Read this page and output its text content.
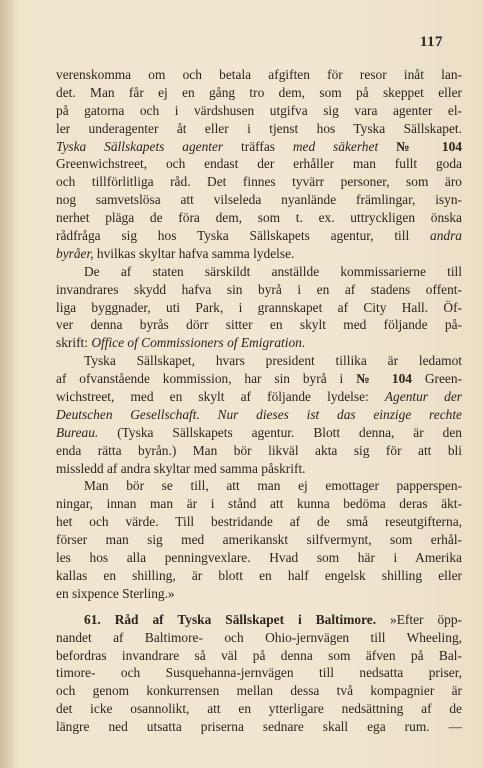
117
verenskomma om och betala afgiften för resor inåt lan-
det. Man får ej en gång tro dem, som på skeppet eller
på gatorna och i värdshusen utgifva sig vara agenter el-
ler underagenter åt eller i tjenst hos Tyska Sällskapet.
Tyska Sällskapets agenter träffas med säkerhet № 104
Greenwichstreet, och endast der erhåller man fullt goda
och tillförlitliga råd. Det finnes tyvärr personer, som äro
nog samvetslösa att vilseleda nyanlände främlingar, isyn-
nerhet pläga de föra dem, som t. ex. uttryckligen önska
rådfråga sig hos Tyska Sällskapets agentur, till andra
byråer, hvilkas skyltar hafva samma lydelse.
De af staten särskildt anställde kommissarierne till
invandrares skydd hafva sin byrå i en af stadens offent-
liga byggnader, uti Park, i grannskapet af City Hall. Öf-
ver denna byrås dörr sitter en skylt med följande på-
skrift: Office of Commissioners of Emigration.
Tyska Sällskapet, hvars president tillika är ledamot
af ofvanstående kommission, har sin byrå i № 104 Green-
wichstreet, med en skylt af följande lydelse: Agentur der
Deutschen Gesellschaft. Nur dieses ist das einzige rechte
Bureau. (Tyska Sällskapets agentur. Blott denna, är den
enda rätta byrån.) Man bör likväl akta sig för att bli
missledd af andra skyltar med samma påskrift.
Man bör se till, att man ej emottager papperspen-
ningar, innan man är i stånd att kunna bedöma deras äkt-
het och värde. Till bestridande af de små reseutgifterna,
förser man sig med amerikanskt silfvermynt, som erhål-
les hos alla penningvexlare. Hvad som här i Amerika
kallas en shilling, är blott en half engelsk shilling eller
en sixpence Sterling.»
61. Råd af Tyska Sällskapet i Baltimore. »Efter öpp-
nandet af Baltimore- och Ohio-jernvägen till Wheeling,
befordras invandrare så väl på denna som äfven på Bal-
timore- och Susquehanna-jernvägen till nedsatta priser,
och genom konkurrensen mellan dessa två kompagnier är
det icke osannolikt, att en ytterligare nedsättning af de
längre ned utsatta priserna sednare skall ega rum. —
